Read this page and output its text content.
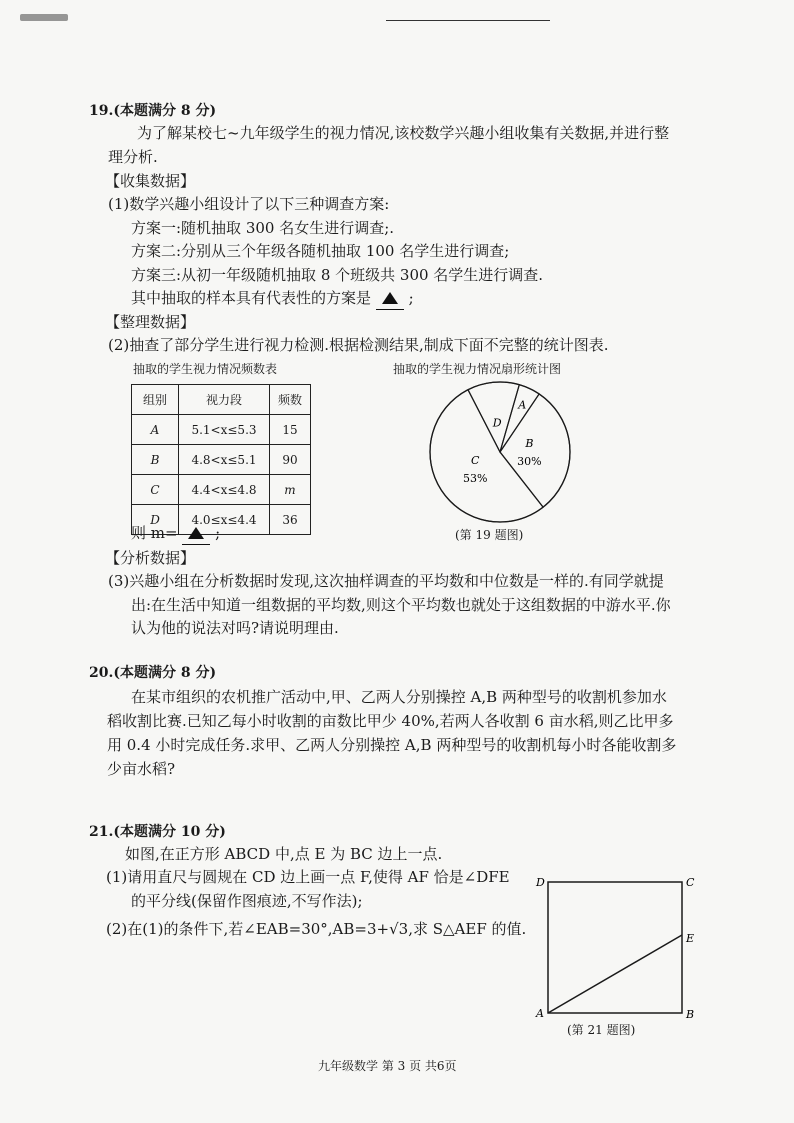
19.(本题满分 8 分)
为了解某校七~九年级学生的视力情况,该校数学兴趣小组收集有关数据,并进行整
理分析.
【收集数据】
(1)数学兴趣小组设计了以下三种调查方案:
方案一:随机抽取 300 名女生进行调查;.
方案二:分别从三个年级各随机抽取 100 名学生进行调查;
方案三:从初一年级随机抽取 8 个班级共 300 名学生进行调查.
其中抽取的样本具有代表性的方案是	;
【整理数据】
(2)抽查了部分学生进行视力检测.根据检测结果,制成下面不完整的统计图表.
抽取的学生视力情况频数表	抽取的学生视力情况扇形统计图
组别	视力段	频数
A	5.1<x≤5.3	15
B	4.8<x≤5.1	90
C	4.4<x≤4.8	m
D	4.0≤x≤4.4	36
A
B
30%
C
53%
D
(第 19 题图)
则 m=	;
【分析数据】
(3)兴趣小组在分析数据时发现,这次抽样调查的平均数和中位数是一样的.有同学就提
出:在生活中知道一组数据的平均数,则这个平均数也就处于这组数据的中游水平.你
认为他的说法对吗?请说明理由.
20.(本题满分 8 分)
在某市组织的农机推广活动中,甲、乙两人分别操控 A,B 两种型号的收割机参加水
稻收割比赛.已知乙每小时收割的亩数比甲少 40%,若两人各收割 6 亩水稻,则乙比甲多
用 0.4 小时完成任务.求甲、乙两人分别操控 A,B 两种型号的收割机每小时各能收割多
少亩水稻?
21.(本题满分 10 分)
如图,在正方形 ABCD 中,点 E 为 BC 边上一点.
(1)请用直尺与圆规在 CD 边上画一点 F,使得 AF 恰是∠DFE
的平分线(保留作图痕迹,不写作法);
(2)在(1)的条件下,若∠EAB=30°,AB=3+√3,求 S△AEF 的值.
D	C
E
A	B
(第 21 题图)
九年级数学 第 3 页 共6页
